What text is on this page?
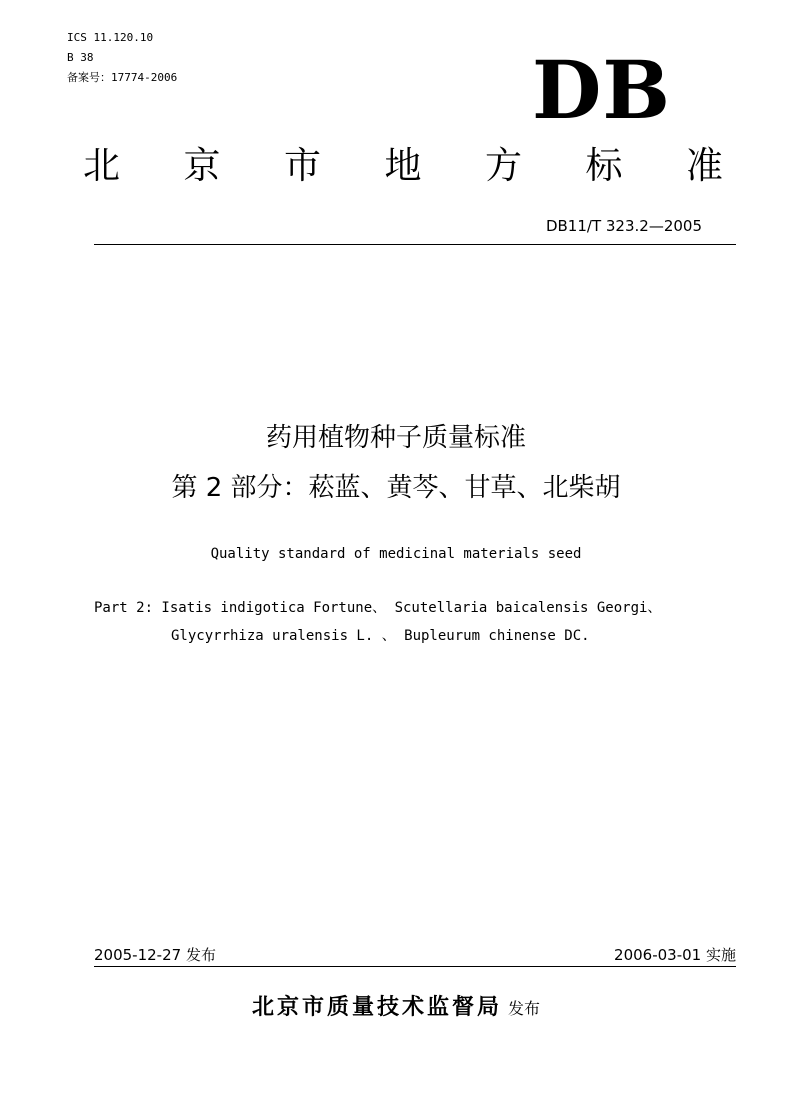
ICS 11.120.10
B 38
备案号：17774-2006	DB
北 京 市 地 方 标 准
DB11/T 323.2—2005
药用植物种子质量标准
第 2 部分：菘蓝、黄芩、甘草、北柴胡
Quality standard of medicinal materials seed
Part 2: Isatis indigotica Fortune、 Scutellaria baicalensis Georgi、
Glycyrrhiza uralensis L. 、 Bupleurum chinense DC.
2005-12-27 发布	2006-03-01 实施
北京市质量技术监督局 发布
